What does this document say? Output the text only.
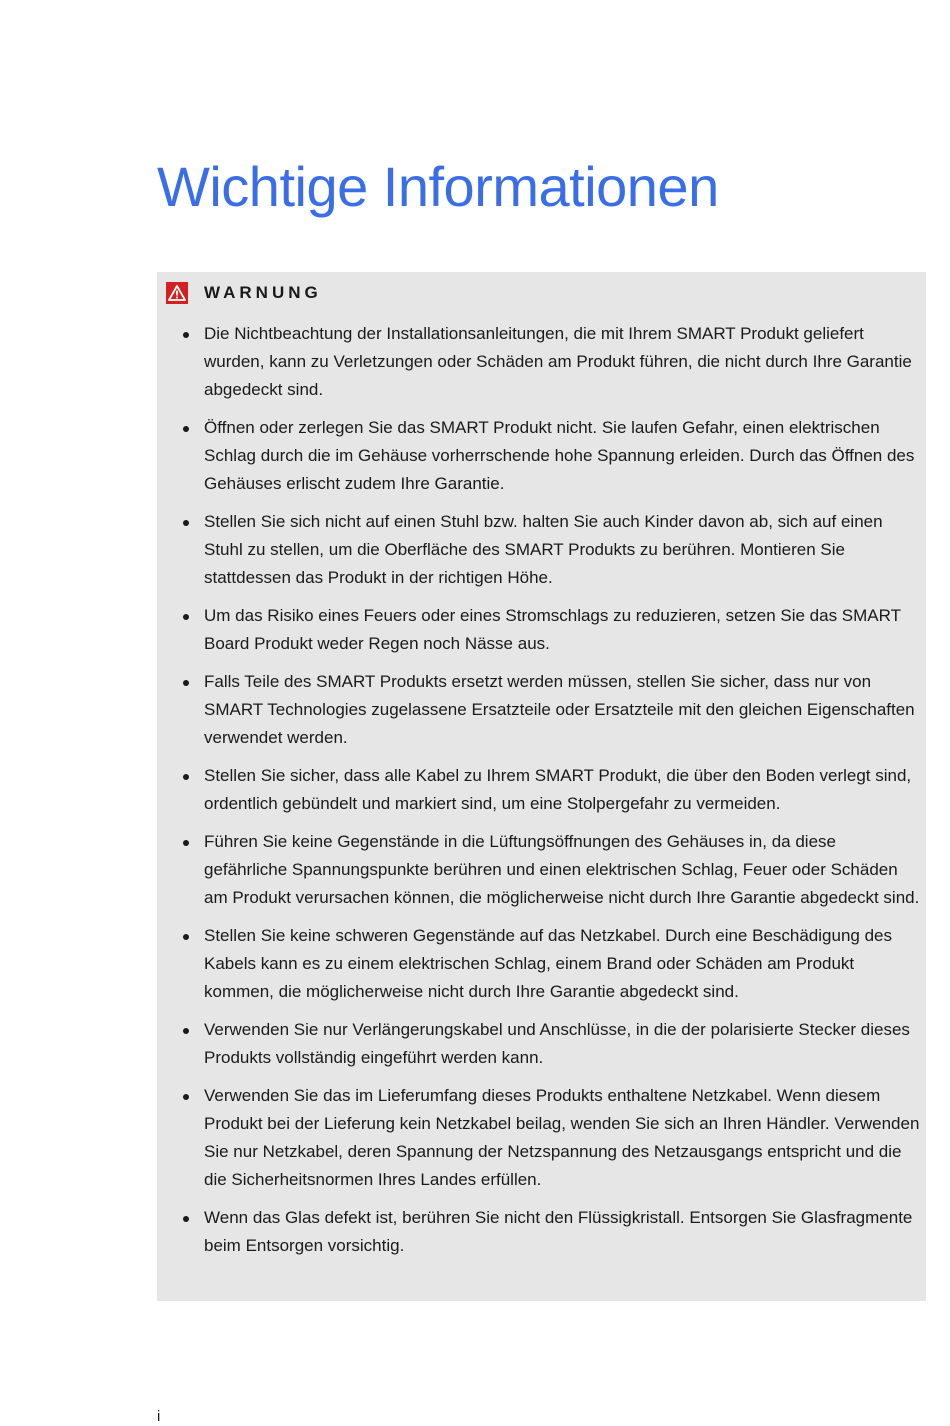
Wichtige Informationen
WARNUNG
Die Nichtbeachtung der Installationsanleitungen, die mit Ihrem SMART Produkt geliefert wurden, kann zu Verletzungen oder Schäden am Produkt führen, die nicht durch Ihre Garantie abgedeckt sind.
Öffnen oder zerlegen Sie das SMART Produkt nicht. Sie laufen Gefahr, einen elektrischen Schlag durch die im Gehäuse vorherrschende hohe Spannung erleiden. Durch das Öffnen des Gehäuses erlischt zudem Ihre Garantie.
Stellen Sie sich nicht auf einen Stuhl bzw. halten Sie auch Kinder davon ab, sich auf einen Stuhl zu stellen, um die Oberfläche des SMART Produkts zu berühren. Montieren Sie stattdessen das Produkt in der richtigen Höhe.
Um das Risiko eines Feuers oder eines Stromschlags zu reduzieren, setzen Sie das SMART Board Produkt weder Regen noch Nässe aus.
Falls Teile des SMART Produkts ersetzt werden müssen, stellen Sie sicher, dass nur von SMART Technologies zugelassene Ersatzteile oder Ersatzteile mit den gleichen Eigenschaften verwendet werden.
Stellen Sie sicher, dass alle Kabel zu Ihrem SMART Produkt, die über den Boden verlegt sind, ordentlich gebündelt und markiert sind, um eine Stolpergefahr zu vermeiden.
Führen Sie keine Gegenstände in die Lüftungsöffnungen des Gehäuses in, da diese gefährliche Spannungspunkte berühren und einen elektrischen Schlag, Feuer oder Schäden am Produkt verursachen können, die möglicherweise nicht durch Ihre Garantie abgedeckt sind.
Stellen Sie keine schweren Gegenstände auf das Netzkabel. Durch eine Beschädigung des Kabels kann es zu einem elektrischen Schlag, einem Brand oder Schäden am Produkt kommen, die möglicherweise nicht durch Ihre Garantie abgedeckt sind.
Verwenden Sie nur Verlängerungskabel und Anschlüsse, in die der polarisierte Stecker dieses Produkts vollständig eingeführt werden kann.
Verwenden Sie das im Lieferumfang dieses Produkts enthaltene Netzkabel. Wenn diesem Produkt bei der Lieferung kein Netzkabel beilag, wenden Sie sich an Ihren Händler. Verwenden Sie nur Netzkabel, deren Spannung der Netzspannung des Netzausgangs entspricht und die die Sicherheitsnormen Ihres Landes erfüllen.
Wenn das Glas defekt ist, berühren Sie nicht den Flüssigkristall. Entsorgen Sie Glasfragmente beim Entsorgen vorsichtig.
i
